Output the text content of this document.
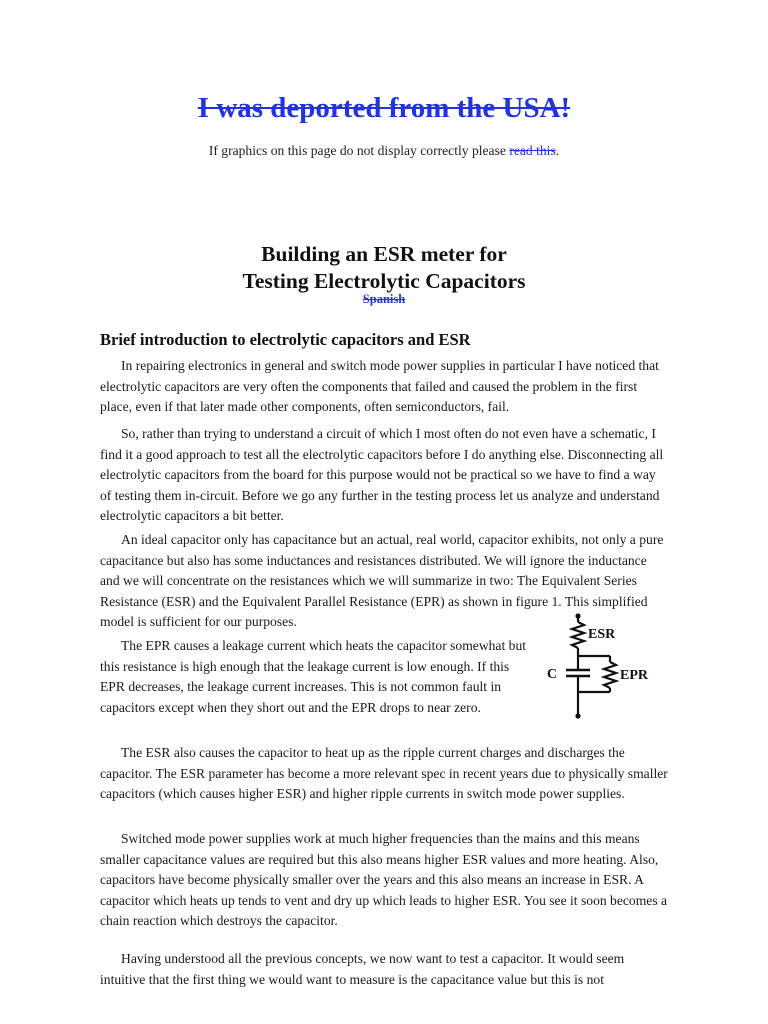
I was deported from the USA!
If graphics on this page do not display correctly please read this.
Building an ESR meter for
Testing Electrolytic Capacitors
Spanish
Brief introduction to electrolytic capacitors and ESR

In repairing electronics in general and switch mode power supplies in particular I have noticed that electrolytic capacitors are very often the components that failed and caused the problem in the first place, even if that later made other components, often semiconductors, fail.

So, rather than trying to understand a circuit of which I most often do not even have a schematic, I find it a good approach to test all the electrolytic capacitors before I do anything else. Disconnecting all electrolytic capacitors from the board for this purpose would not be practical so we have to find a way of testing them in-circuit. Before we go any further in the testing process let us analyze and understand electrolytic capacitors a bit better.

An ideal capacitor only has capacitance but an actual, real world, capacitor exhibits, not only a pure capacitance but also has some inductances and resistances distributed. We will ignore the inductance and we will concentrate on the resistances which we will summarize in two: The Equivalent Series Resistance (ESR) and the Equivalent Parallel Resistance (EPR) as shown in figure 1. This simplified model is sufficient for our purposes.

The EPR causes a leakage current which heats the capacitor somewhat but this resistance is high enough that the leakage current is low enough. If this EPR decreases, the leakage current increases. This is not common fault in capacitors except when they short out and the EPR drops to near zero.

The ESR also causes the capacitor to heat up as the ripple current charges and discharges the capacitor. The ESR parameter has become a more relevant spec in recent years due to physically smaller capacitors (which causes higher ESR) and higher ripple currents in switch mode power supplies.

Switched mode power supplies work at much higher frequencies than the mains and this means smaller capacitance values are required but this also means higher ESR values and more heating. Also, capacitors have become physically smaller over the years and this also means an increase in ESR. A capacitor which heats up tends to vent and dry up which leads to higher ESR. You see it soon becomes a chain reaction which destroys the capacitor.

Having understood all the previous concepts, we now want to test a capacitor. It would seem intuitive that the first thing we would want to measure is the capacitance value but this is not

ESR
EPR
C
